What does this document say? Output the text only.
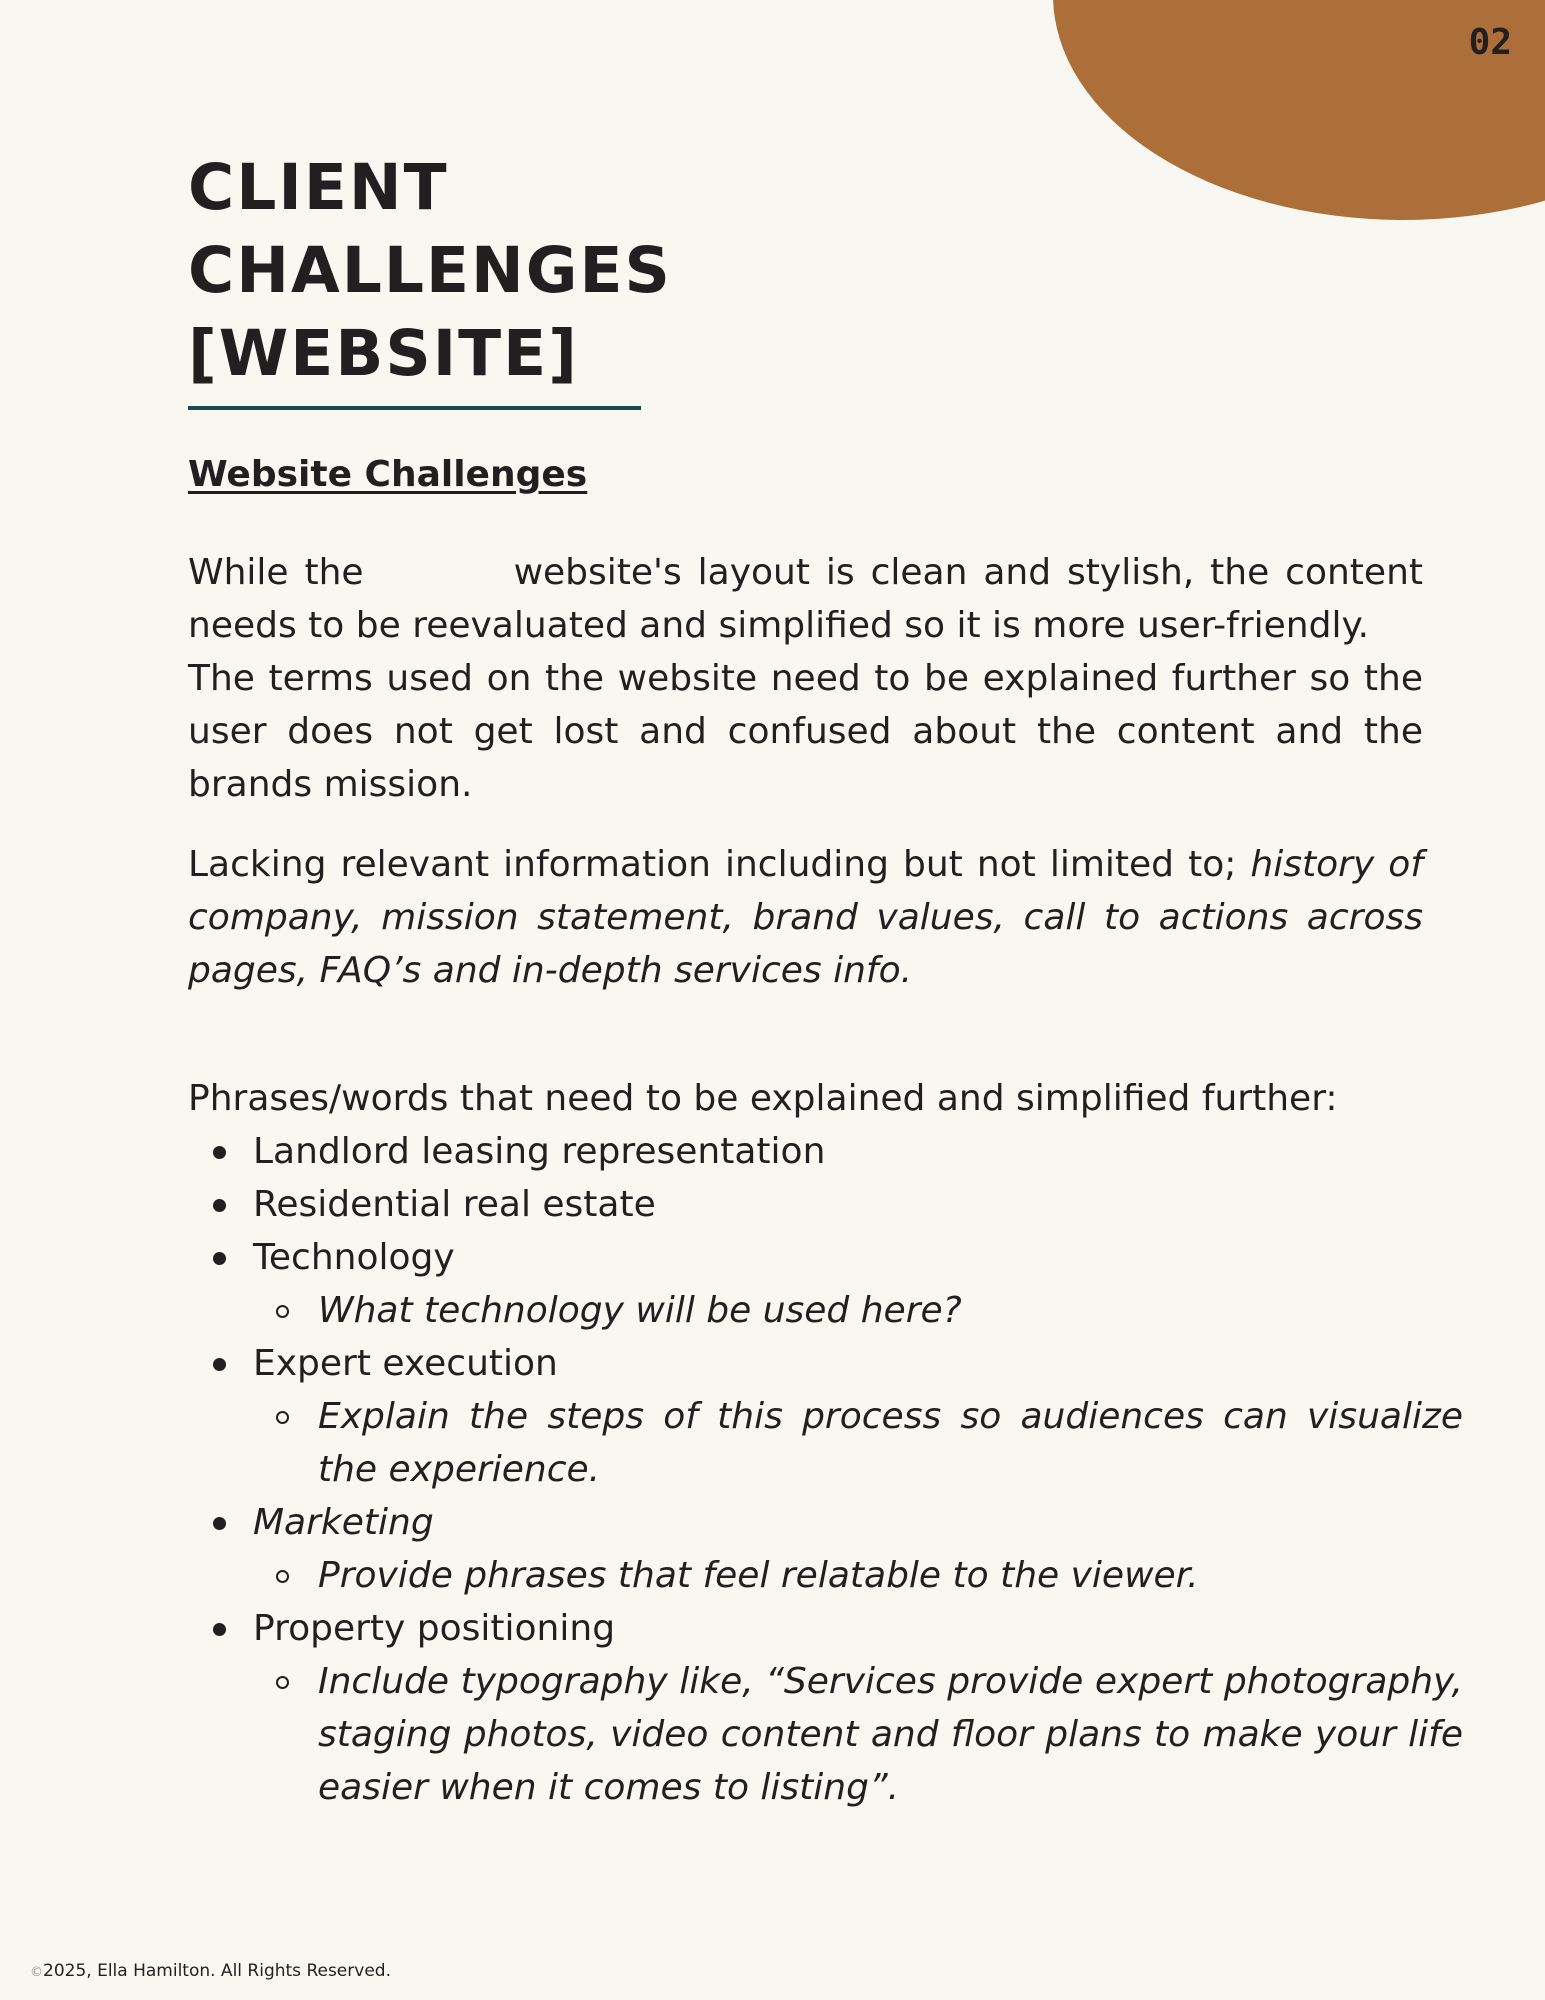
02
CLIENT
CHALLENGES
[WEBSITE]
Website Challenges
While the	website's layout is clean and stylish, the content needs to be reevaluated and simplified so it is more user-friendly.
The terms used on the website need to be explained further so the user does not get lost and confused about the content and the brands mission.
Lacking relevant information including but not limited to; history of company, mission statement, brand values, call to actions across pages, FAQ’s and in-depth services info.
Phrases/words that need to be explained and simplified further:
Landlord leasing representation
Residential real estate
Technology
What technology will be used here?
Expert execution
Explain the steps of this process so audiences can visualize the experience.
Marketing
Provide phrases that feel relatable to the viewer.
Property positioning
Include typography like, “Services provide expert photography, staging photos, video content and floor plans to make your life easier when it comes to listing”.
©2025, Ella Hamilton. All Rights Reserved.
